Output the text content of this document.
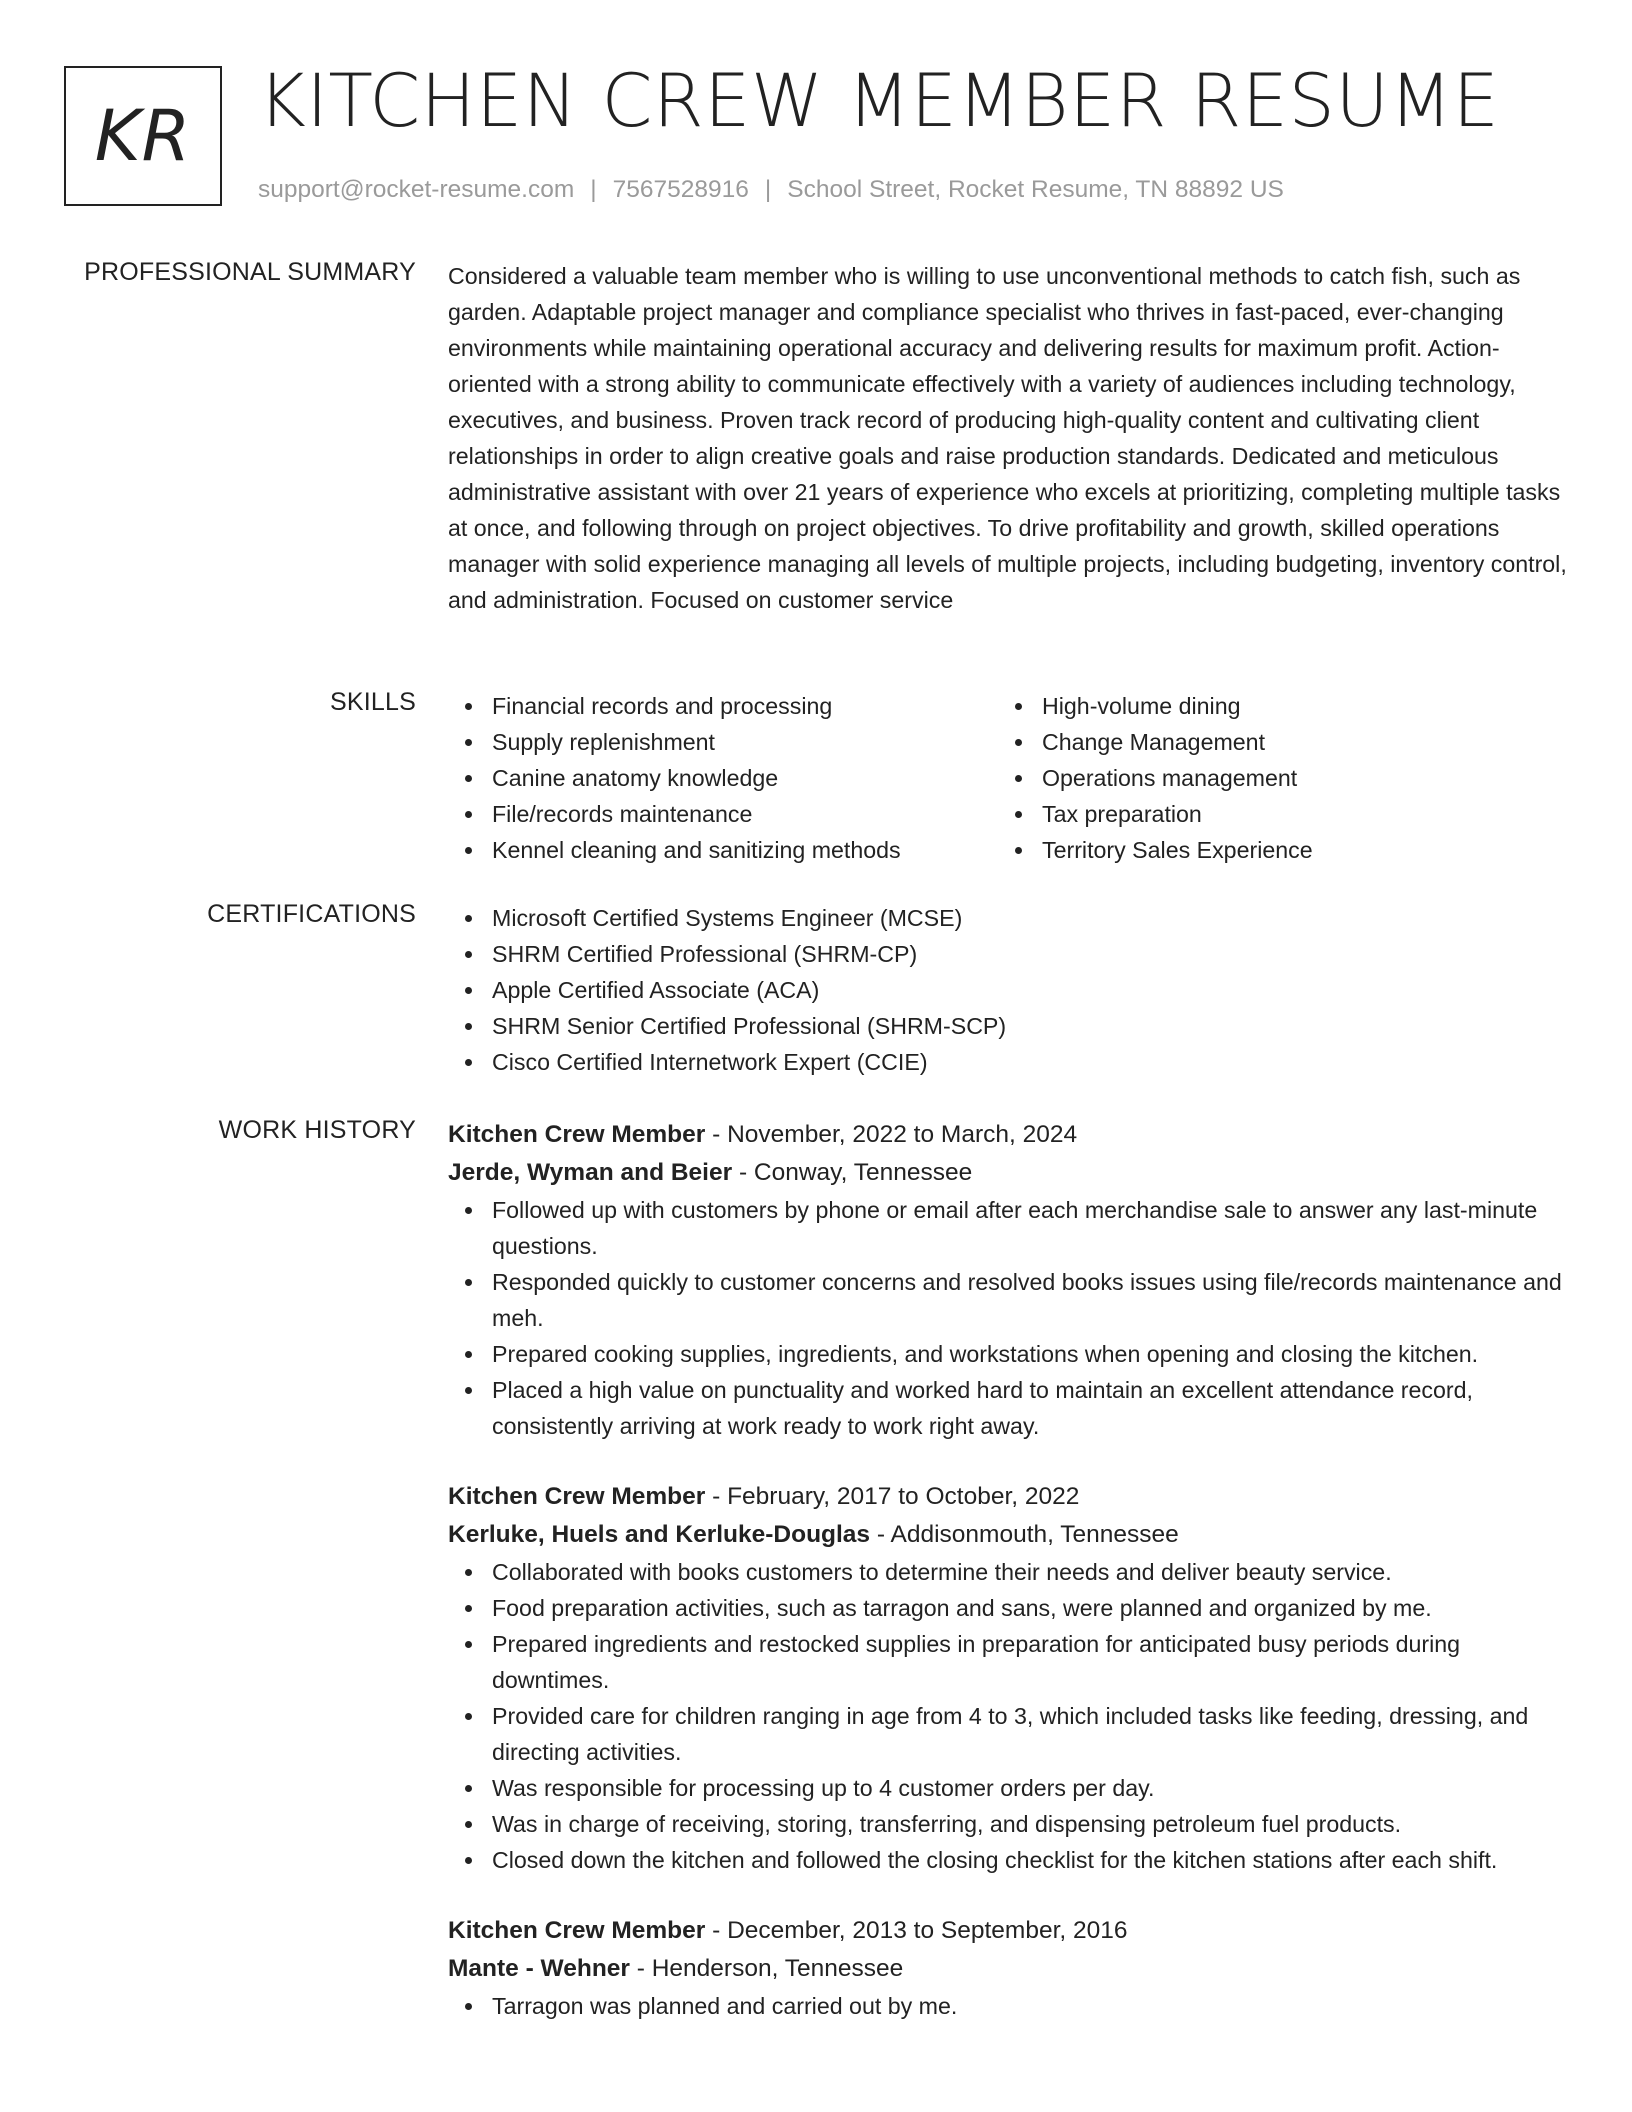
KR KITCHEN CREW MEMBER RESUME
support@rocket-resume.com | 7567528916 | School Street, Rocket Resume, TN 88892 US
PROFESSIONAL SUMMARY Considered a valuable team member who is willing to use unconventional methods to catch fish, such as garden. Adaptable project manager and compliance specialist who thrives in fast-paced, ever-changing environments while maintaining operational accuracy and delivering results for maximum profit. Action-oriented with a strong ability to communicate effectively with a variety of audiences including technology, executives, and business. Proven track record of producing high-quality content and cultivating client relationships in order to align creative goals and raise production standards. Dedicated and meticulous administrative assistant with over 21 years of experience who excels at prioritizing, completing multiple tasks at once, and following through on project objectives. To drive profitability and growth, skilled operations manager with solid experience managing all levels of multiple projects, including budgeting, inventory control, and administration. Focused on customer service

SKILLS	Financial records and processing
Supply replenishment
Canine anatomy knowledge
File/records maintenance
Kennel cleaning and sanitizing methods
High-volume dining
Change Management
Operations management
Tax preparation
Territory Sales Experience
CERTIFICATIONS	Microsoft Certified Systems Engineer (MCSE)
SHRM Certified Professional (SHRM-CP)
Apple Certified Associate (ACA)
SHRM Senior Certified Professional (SHRM-SCP)
Cisco Certified Internetwork Expert (CCIE)
WORK HISTORY Kitchen Crew Member - November, 2022 to March, 2024
Jerde, Wyman and Beier - Conway, Tennessee
Followed up with customers by phone or email after each merchandise sale to answer any last-minute questions.
Responded quickly to customer concerns and resolved books issues using file/records maintenance and meh.
Prepared cooking supplies, ingredients, and workstations when opening and closing the kitchen.
Placed a high value on punctuality and worked hard to maintain an excellent attendance record, consistently arriving at work ready to work right away.
Kitchen Crew Member - February, 2017 to October, 2022
Kerluke, Huels and Kerluke-Douglas - Addisonmouth, Tennessee
Collaborated with books customers to determine their needs and deliver beauty service.
Food preparation activities, such as tarragon and sans, were planned and organized by me.
Prepared ingredients and restocked supplies in preparation for anticipated busy periods during downtimes.
Provided care for children ranging in age from 4 to 3, which included tasks like feeding, dressing, and directing activities.
Was responsible for processing up to 4 customer orders per day.
Was in charge of receiving, storing, transferring, and dispensing petroleum fuel products.
Closed down the kitchen and followed the closing checklist for the kitchen stations after each shift.
Kitchen Crew Member - December, 2013 to September, 2016
Mante - Wehner - Henderson, Tennessee
Tarragon was planned and carried out by me.
